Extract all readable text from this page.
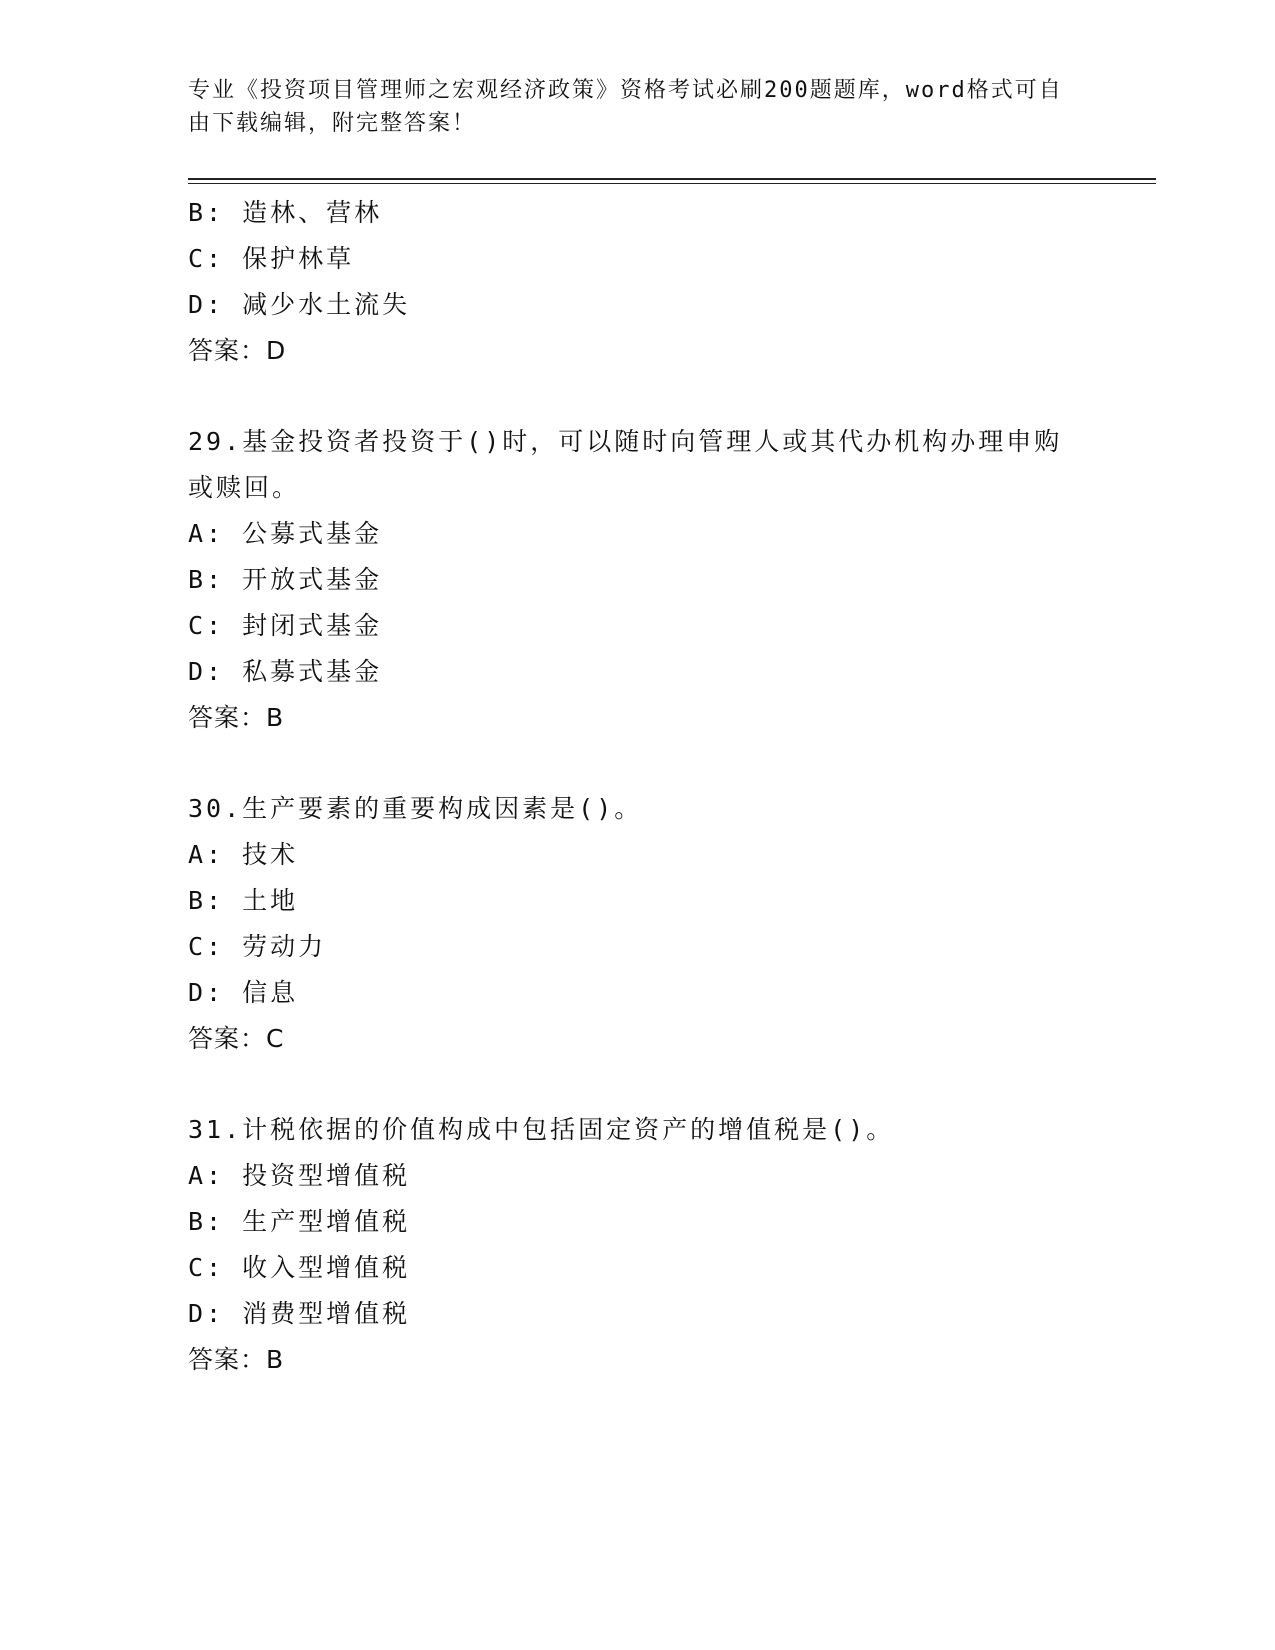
专业《投资项目管理师之宏观经济政策》资格考试必刷200题题库，word格式可自由下载编辑，附完整答案！
B: 造林、营林
C: 保护林草
D: 减少水土流失
答案：D
29.基金投资者投资于()时，可以随时向管理人或其代办机构办理申购或赎回。
A: 公募式基金
B: 开放式基金
C: 封闭式基金
D: 私募式基金
答案：B
30.生产要素的重要构成因素是()。
A: 技术
B: 土地
C: 劳动力
D: 信息
答案：C
31.计税依据的价值构成中包括固定资产的增值税是()。
A: 投资型增值税
B: 生产型增值税
C: 收入型增值税
D: 消费型增值税
答案：B
